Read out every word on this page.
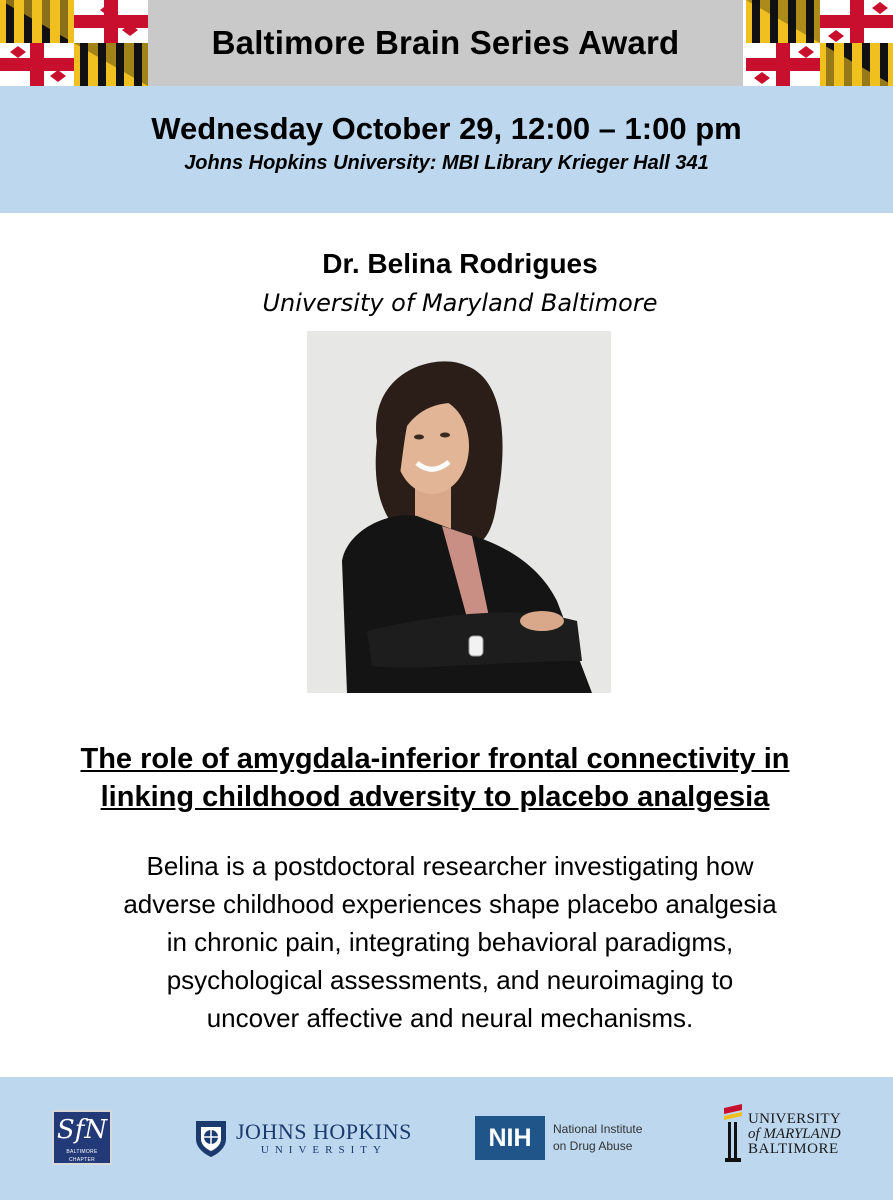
Baltimore Brain Series Award
Wednesday October 29, 12:00 – 1:00 pm
Johns Hopkins University: MBI Library Krieger Hall 341
Dr. Belina Rodrigues
University of Maryland Baltimore
The role of amygdala-inferior frontal connectivity in
linking childhood adversity to placebo analgesia
Belina is a postdoctoral researcher investigating how
adverse childhood experiences shape placebo analgesia
in chronic pain, integrating behavioral paradigms,
psychological assessments, and neuroimaging to
uncover affective and neural mechanisms.
SfN
BALTIMORE CHAPTER
JOHNS HOPKINS
UNIVERSITY	NIH	National Institute
on Drug Abuse
UNIVERSITY
of MARYLAND
BALTIMORE
